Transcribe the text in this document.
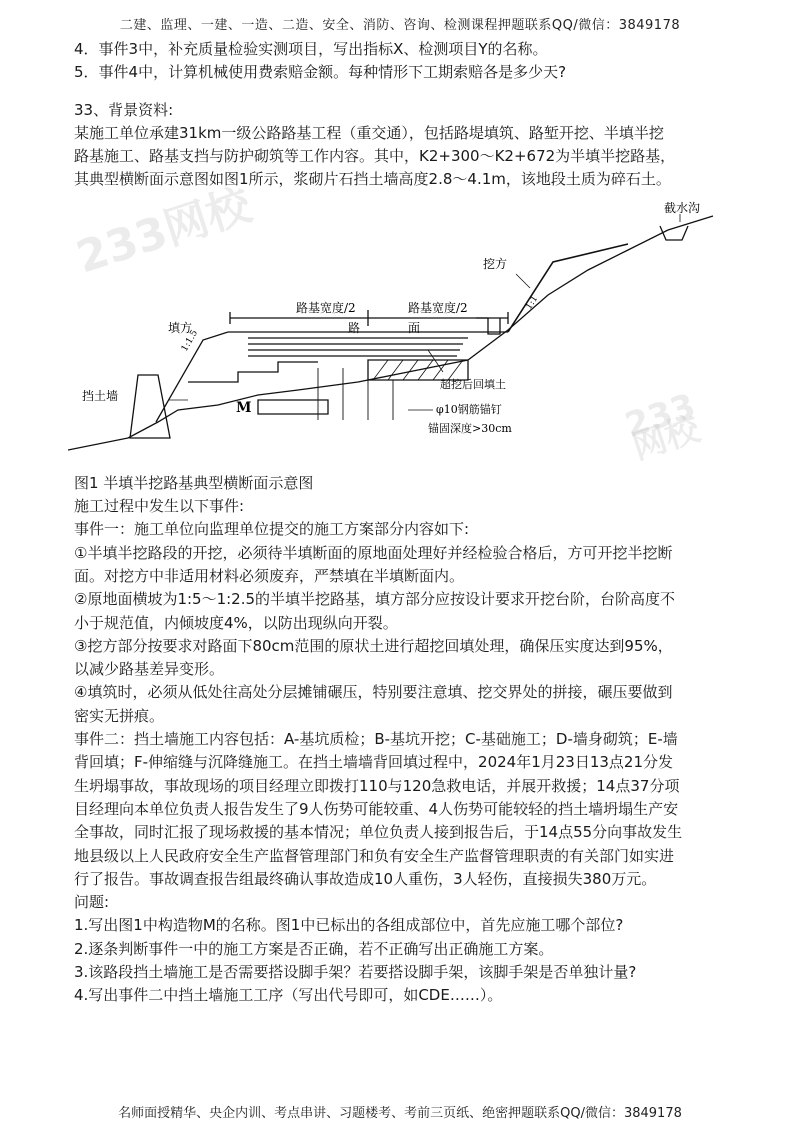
二建、监理、一建、一造、二造、安全、消防、咨询、检测课程押题联系QQ/微信：3849178

4．事件3中，补充质量检验实测项目，写出指标X、检测项目Y的名称。

5．事件4中，计算机械使用费索赔金额。每种情形下工期索赔各是多少天?

33、背景资料:

某施工单位承建31km一级公路路基工程（重交通），包括路堤填筑、路堑开挖、半填半挖

路基施工、路基支挡与防护砌筑等工作内容。其中，K2+300～K2+672为半填半挖路基，

其典型横断面示意图如图1所示，浆砌片石挡土墙高度2.8～4.1m，该地段土质为碎石土。

233网校
233网校
路基宽度/2	路基宽度/2
路	面
超挖后回填土
填方
挖方
截水沟
挡土墙
M	φ10钢筋锚钉
锚固深度>30cm
1:1.5
1:1

图1 半填半挖路基典型横断面示意图

施工过程中发生以下事件:

事件一：施工单位向监理单位提交的施工方案部分内容如下:

①半填半挖路段的开挖，必须待半填断面的原地面处理好并经检验合格后，方可开挖半挖断

面。对挖方中非适用材料必须废弃，严禁填在半填断面内。

②原地面横坡为1:5～1:2.5的半填半挖路基，填方部分应按设计要求开挖台阶，台阶高度不

小于规范值，内倾坡度4%，以防出现纵向开裂。

③挖方部分按要求对路面下80cm范围的原状土进行超挖回填处理，确保压实度达到95%，

以减少路基差异变形。

④填筑时，必须从低处往高处分层摊铺碾压，特别要注意填、挖交界处的拼接，碾压要做到

密实无拼痕。

事件二：挡土墙施工内容包括：A-基坑质检；B-基坑开挖；C-基础施工；D-墙身砌筑；E-墙

背回填；F-伸缩缝与沉降缝施工。在挡土墙墙背回填过程中，2024年1月23日13点21分发

生坍塌事故，事故现场的项目经理立即拨打110与120急救电话，并展开救援；14点37分项

目经理向本单位负责人报告发生了9人伤势可能较重、4人伤势可能较轻的挡土墙坍塌生产安

全事故，同时汇报了现场救援的基本情况；单位负责人接到报告后，于14点55分向事故发生

地县级以上人民政府安全生产监督管理部门和负有安全生产监督管理职责的有关部门如实进

行了报告。事故调查报告组最终确认事故造成10人重伤，3人轻伤，直接损失380万元。

问题:

1.写出图1中构造物M的名称。图1中已标出的各组成部位中，首先应施工哪个部位?

2.逐条判断事件一中的施工方案是否正确，若不正确写出正确施工方案。

3.该路段挡土墙施工是否需要搭设脚手架？若要搭设脚手架，该脚手架是否单独计量?

4.写出事件二中挡土墙施工工序（写出代号即可，如CDE……）。

名师面授精华、央企内训、考点串讲、习题楼考、考前三页纸、绝密押题联系QQ/微信：3849178
